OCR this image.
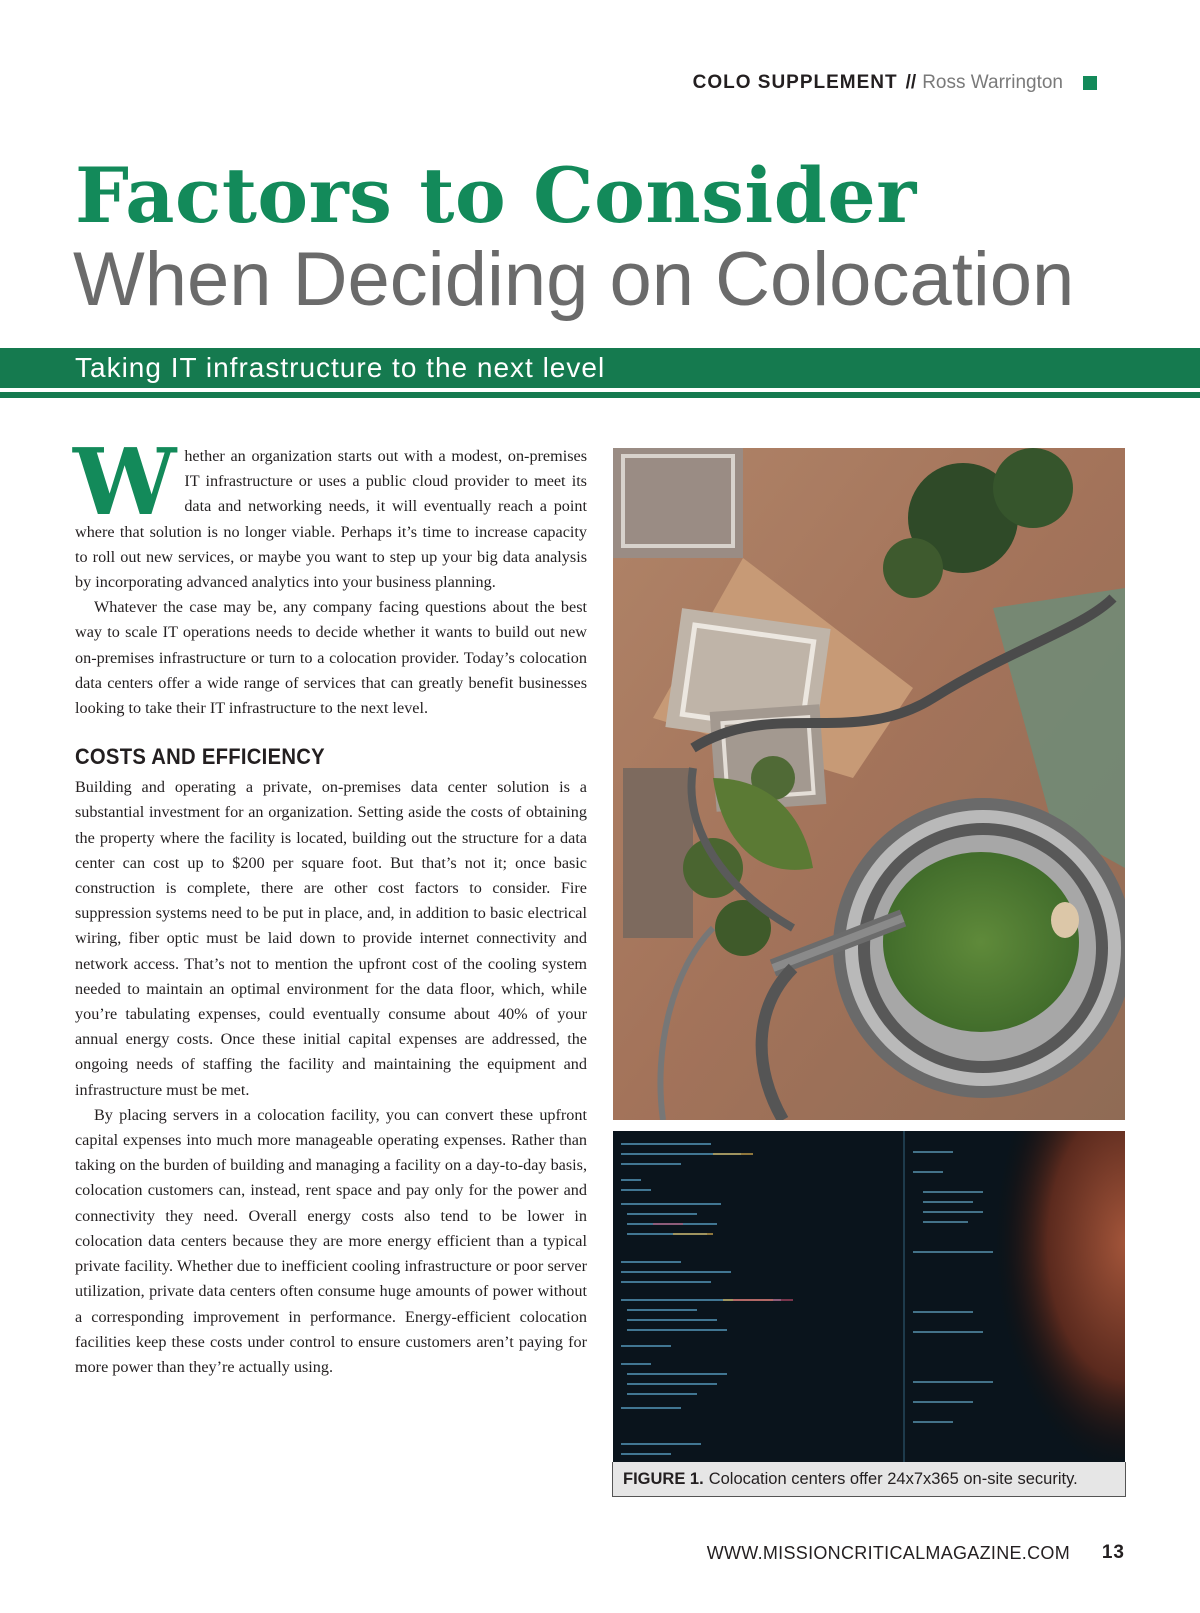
COLO SUPPLEMENT // Ross Warrington
Factors to Consider
When Deciding on Colocation
Taking IT infrastructure to the next level

Whether an organization starts out with a modest, on-premises IT infrastructure or uses a public cloud provider to meet its data and networking needs, it will eventually reach a point where that solution is no longer viable. Perhaps it’s time to increase capacity to roll out new services, or maybe you want to step up your big data analysis by incorporating advanced analytics into your business planning.

Whatever the case may be, any company facing questions about the best way to scale IT operations needs to decide whether it wants to build out new on-premises infrastructure or turn to a colocation provider. Today’s colocation data centers offer a wide range of services that can greatly benefit businesses looking to take their IT infrastructure to the next level.

COSTS AND EFFICIENCY

Building and operating a private, on-premises data center solution is a substantial investment for an organization. Setting aside the costs of obtaining the property where the facility is located, building out the structure for a data center can cost up to $200 per square foot. But that’s not it; once basic construction is complete, there are other cost factors to consider. Fire suppression systems need to be put in place, and, in addition to basic electrical wiring, fiber optic must be laid down to provide internet connectivity and network access. That’s not to mention the upfront cost of the cooling system needed to maintain an optimal environment for the data floor, which, while you’re tabulating expenses, could eventually consume about 40% of your annual energy costs. Once these initial capital expenses are addressed, the ongoing needs of staffing the facility and maintaining the equipment and infrastructure must be met.

By placing servers in a colocation facility, you can convert these upfront capital expenses into much more manageable operating expenses. Rather than taking on the burden of building and managing a facility on a day-to-day basis, colocation customers can, instead, rent space and pay only for the power and connectivity they need. Overall energy costs also tend to be lower in colocation data centers because they are more energy efficient than a typical private facility. Whether due to inefficient cooling infrastructure or poor server utilization, private data centers often consume huge amounts of power without a corresponding improvement in performance. Energy-efficient colocation facilities keep these costs under control to ensure customers aren’t paying for more power than they’re actually using.

FIGURE 1. Colocation centers offer 24x7x365 on-site security.
WWW.MISSIONCRITICALMAGAZINE.COM 13
